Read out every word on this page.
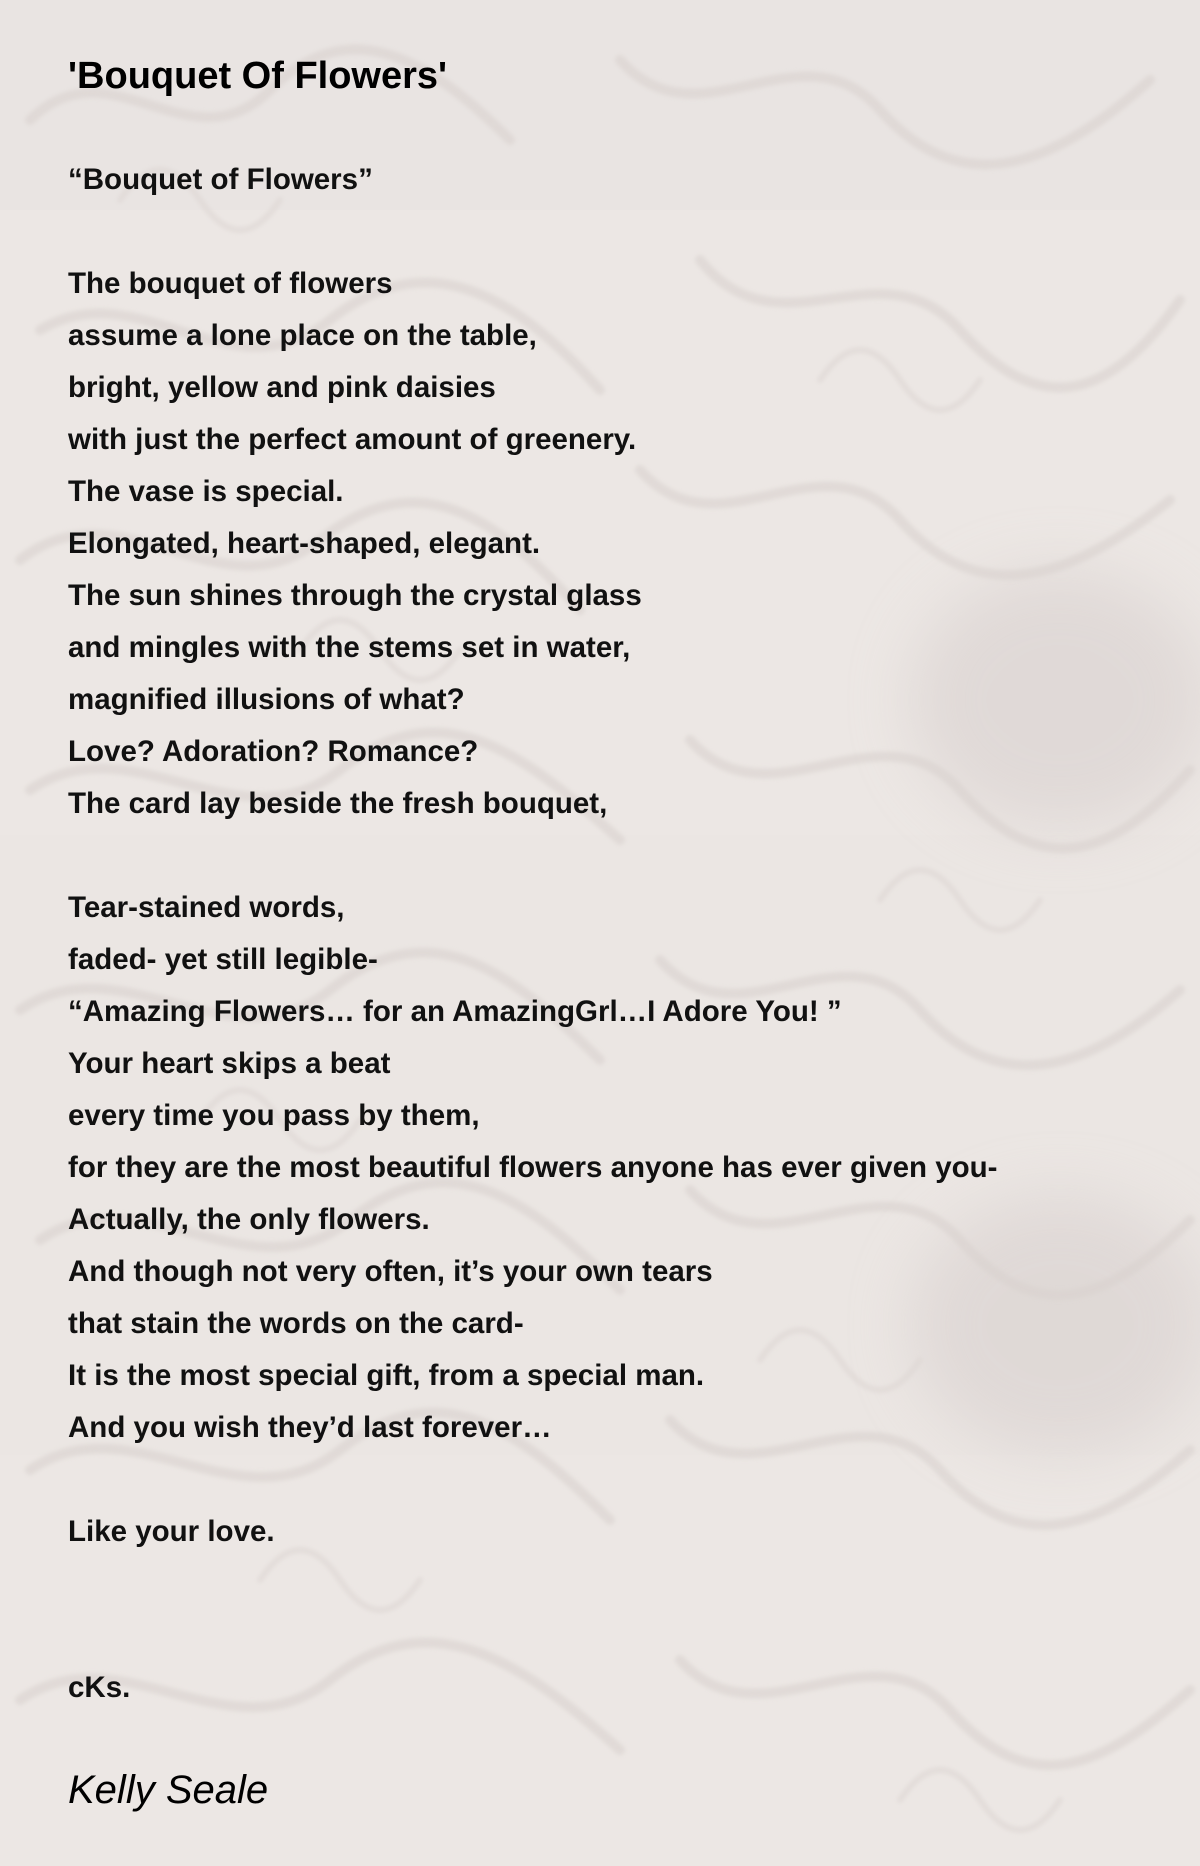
'Bouquet Of Flowers'

“Bouquet of Flowers”

The bouquet of flowers

assume a lone place on the table,

bright, yellow and pink daisies

with just the perfect amount of greenery.

The vase is special.

Elongated, heart-shaped, elegant.

The sun shines through the crystal glass

and mingles with the stems set in water,

magnified illusions of what?

Love? Adoration? Romance?

The card lay beside the fresh bouquet,

Tear-stained words,

faded- yet still legible-

“Amazing Flowers… for an AmazingGrl…I Adore You! ”

Your heart skips a beat

every time you pass by them,

for they are the most beautiful flowers anyone has ever given you-

Actually, the only flowers.

And though not very often, it’s your own tears

that stain the words on the card-

It is the most special gift, from a special man.

And you wish they’d last forever…

Like your love.

cKs.

Kelly Seale
